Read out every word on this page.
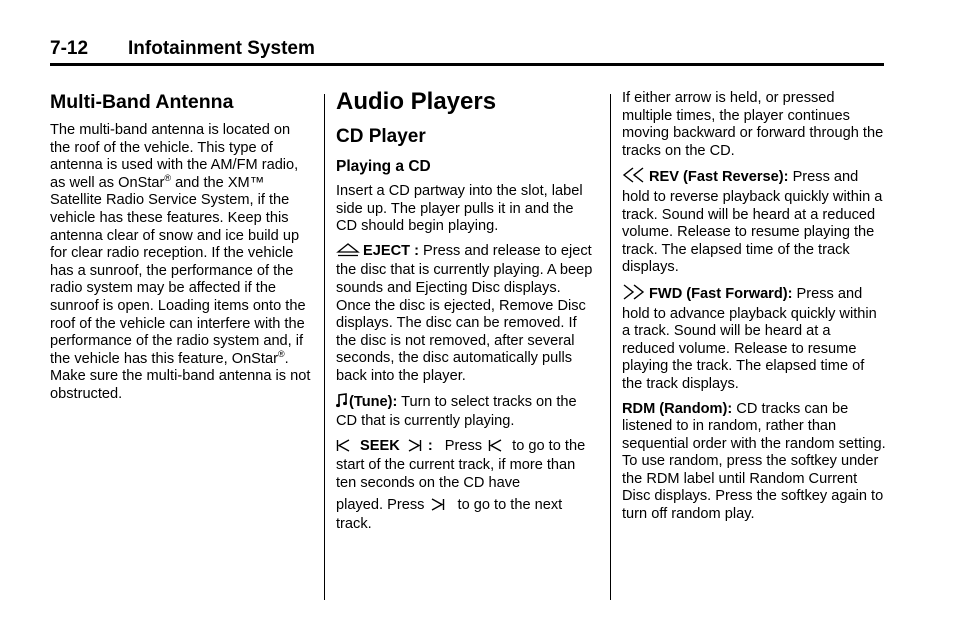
7-12 Infotainment System
Multi-Band Antenna

The multi-band antenna is located on the roof of the vehicle. This type of antenna is used with the AM/FM radio, as well as OnStar® and the XM™ Satellite Radio Service System, if the vehicle has these features. Keep this antenna clear of snow and ice build up for clear radio reception. If the vehicle has a sunroof, the performance of the radio system may be affected if the sunroof is open. Loading items onto the roof of the vehicle can interfere with the performance of the radio system and, if the vehicle has this feature, OnStar®. Make sure the multi-band antenna is not obstructed.

Audio Players
CD Player
Playing a CD

Insert a CD partway into the slot, label side up. The player pulls it in and the CD should begin playing.

EJECT : Press and release to eject the disc that is currently playing. A beep sounds and Ejecting Disc displays. Once the disc is ejected, Remove Disc displays. The disc can be removed. If the disc is not removed, after several seconds, the disc automatically pulls back into the player.

(Tune): Turn to select tracks on the CD that is currently playing.

SEEK : Press  to go to the start of the current track, if more than ten seconds on the CD have

played. Press  to go to the next track.

If either arrow is held, or pressed multiple times, the player continues moving backward or forward through the tracks on the CD.

REV (Fast Reverse): Press and hold to reverse playback quickly within a track. Sound will be heard at a reduced volume. Release to resume playing the track. The elapsed time of the track displays.

FWD (Fast Forward): Press and hold to advance playback quickly within a track. Sound will be heard at a reduced volume. Release to resume playing the track. The elapsed time of the track displays.

RDM (Random): CD tracks can be listened to in random, rather than sequential order with the random setting. To use random, press the softkey under the RDM label until Random Current Disc displays. Press the softkey again to turn off random play.
